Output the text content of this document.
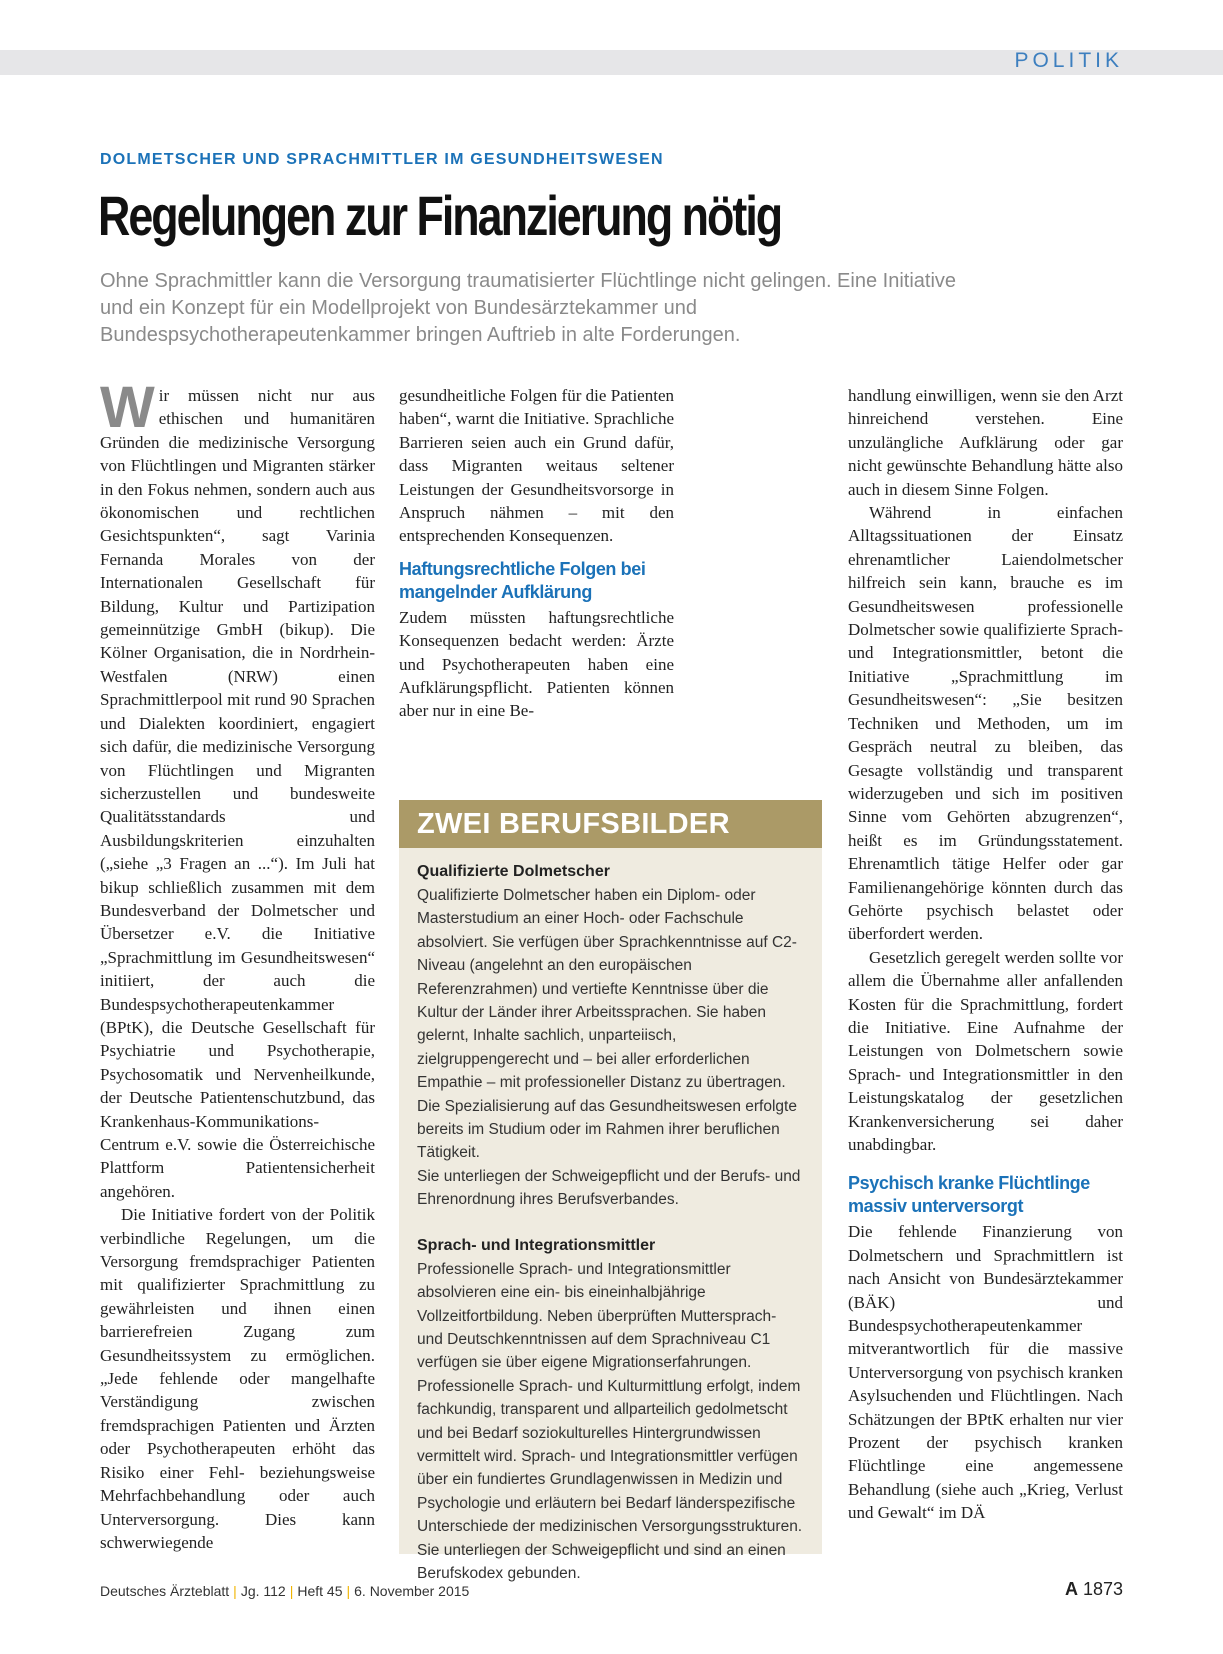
POLITIK
DOLMETSCHER UND SPRACHMITTLER IM GESUNDHEITSWESEN
Regelungen zur Finanzierung nötig

Ohne Sprachmittler kann die Versorgung traumatisierter Flüchtlinge nicht gelingen. Eine Initiative und ein Konzept für ein Modellprojekt von Bundesärztekammer und Bundespsychotherapeutenkammer bringen Auftrieb in alte Forderungen.

Wir müssen nicht nur aus ethischen und humanitären Gründen die medizinische Versorgung von Flüchtlingen und Migranten stärker in den Fokus nehmen, sondern auch aus ökonomischen und rechtlichen Gesichtspunkten“, sagt Varinia Fernanda Morales von der Internationalen Gesellschaft für Bildung, Kultur und Partizipation gemeinnützige GmbH (bikup). Die Kölner Organisation, die in Nordrhein-Westfalen (NRW) einen Sprachmittlerpool mit rund 90 Sprachen und Dialekten koordiniert, engagiert sich dafür, die medizinische Versorgung von Flüchtlingen und Migranten sicherzustellen und bundesweite Qualitätsstandards und Ausbildungskriterien einzuhalten („siehe „3 Fragen an ...“). Im Juli hat bikup schließlich zusammen mit dem Bundesverband der Dolmetscher und Übersetzer e.V. die Initiative „Sprachmittlung im Gesundheitswesen“ initiiert, der auch die Bundespsychotherapeutenkammer (BPtK), die Deutsche Gesellschaft für Psychiatrie und Psychotherapie, Psychosomatik und Nervenheilkunde, der Deutsche Patientenschutzbund, das Krankenhaus-Kommunikations-Centrum e.V. sowie die Österreichische Plattform Patientensicherheit angehören.

Die Initiative fordert von der Politik verbindliche Regelungen, um die Versorgung fremdsprachiger Patienten mit qualifizierter Sprachmittlung zu gewährleisten und ihnen einen barrierefreien Zugang zum Gesundheitssystem zu ermöglichen. „Jede fehlende oder mangelhafte Verständigung zwischen fremdsprachigen Patienten und Ärzten oder Psychotherapeuten erhöht das Risiko einer Fehl- beziehungsweise Mehrfachbehandlung oder auch Unterversorgung. Dies kann schwerwiegende

gesundheitliche Folgen für die Patienten haben“, warnt die Initiative. Sprachliche Barrieren seien auch ein Grund dafür, dass Migranten weitaus seltener Leistungen der Gesundheitsvorsorge in Anspruch nähmen – mit den entsprechenden Konsequenzen.

Haftungsrechtliche Folgen bei mangelnder Aufklärung

Zudem müssten haftungsrechtliche Konsequenzen bedacht werden: Ärzte und Psychotherapeuten haben eine Aufklärungspflicht. Patienten können aber nur in eine Be-

ZWEI BERUFSBILDER
Qualifizierte Dolmetscher

Qualifizierte Dolmetscher haben ein Diplom- oder Masterstudium an einer Hoch- oder Fachschule absolviert. Sie verfügen über Sprachkenntnisse auf C2-Niveau (angelehnt an den europäischen Referenzrahmen) und vertiefte Kenntnisse über die Kultur der Länder ihrer Arbeitssprachen. Sie haben gelernt, Inhalte sachlich, unparteiisch, zielgruppengerecht und – bei aller erforderlichen Empathie – mit professioneller Distanz zu übertragen. Die Spezialisierung auf das Gesundheitswesen erfolgte bereits im Studium oder im Rahmen ihrer beruflichen Tätigkeit.

Sie unterliegen der Schweigepflicht und der Berufs- und Ehrenordnung ihres Berufsverbandes.

Sprach- und Integrationsmittler

Professionelle Sprach- und Integrationsmittler absolvieren eine ein- bis eineinhalbjährige Vollzeitfortbildung. Neben überprüften Muttersprach- und Deutschkenntnissen auf dem Sprachniveau C1 verfügen sie über eigene Migrationserfahrungen. Professionelle Sprach- und Kulturmittlung erfolgt, indem fachkundig, transparent und allparteilich gedolmetscht und bei Bedarf soziokulturelles Hintergrundwissen vermittelt wird. Sprach- und Integrationsmittler verfügen über ein fundiertes Grundlagenwissen in Medizin und Psychologie und erläutern bei Bedarf länderspezifische Unterschiede der medizinischen Versorgungsstrukturen. Sie unterliegen der Schweigepflicht und sind an einen Berufskodex gebunden.

handlung einwilligen, wenn sie den Arzt hinreichend verstehen. Eine unzulängliche Aufklärung oder gar nicht gewünschte Behandlung hätte also auch in diesem Sinne Folgen.

Während in einfachen Alltagssituationen der Einsatz ehrenamtlicher Laiendolmetscher hilfreich sein kann, brauche es im Gesundheitswesen professionelle Dolmetscher sowie qualifizierte Sprach- und Integrationsmittler, betont die Initiative „Sprachmittlung im Gesundheitswesen“: „Sie besitzen Techniken und Methoden, um im Gespräch neutral zu bleiben, das Gesagte vollständig und transparent widerzugeben und sich im positiven Sinne vom Gehörten abzugrenzen“, heißt es im Gründungsstatement. Ehrenamtlich tätige Helfer oder gar Familienangehörige könnten durch das Gehörte psychisch belastet oder überfordert werden.

Gesetzlich geregelt werden sollte vor allem die Übernahme aller anfallenden Kosten für die Sprachmittlung, fordert die Initiative. Eine Aufnahme der Leistungen von Dolmetschern sowie Sprach- und Integrationsmittler in den Leistungskatalog der gesetzlichen Krankenversicherung sei daher unabdingbar.

Psychisch kranke Flüchtlinge massiv unterversorgt

Die fehlende Finanzierung von Dolmetschern und Sprachmittlern ist nach Ansicht von Bundesärztekammer (BÄK) und Bundespsychotherapeutenkammer mitverantwortlich für die massive Unterversorgung von psychisch kranken Asylsuchenden und Flüchtlingen. Nach Schätzungen der BPtK erhalten nur vier Prozent der psychisch kranken Flüchtlinge eine angemessene Behandlung (siehe auch „Krieg, Verlust und Gewalt“ im DÄ

Deutsches Ärzteblatt | Jg. 112 | Heft 45 | 6. November 2015	A 1873
